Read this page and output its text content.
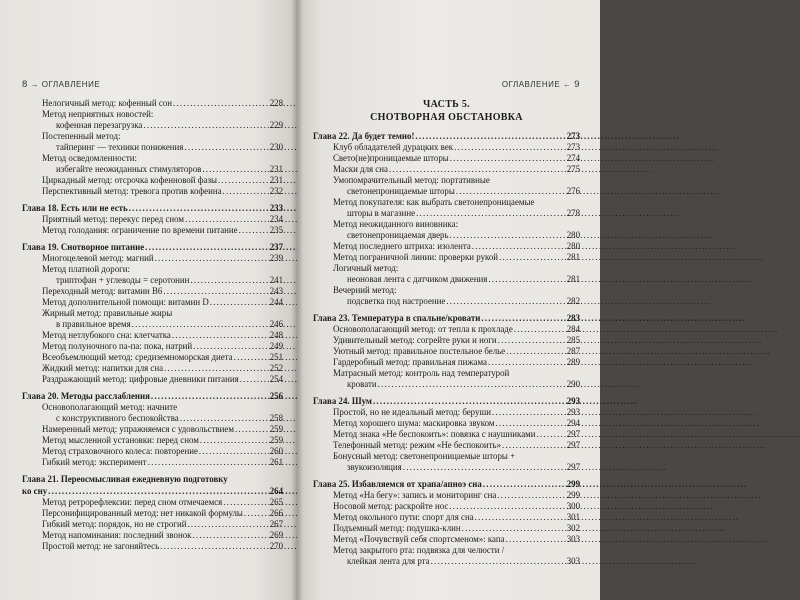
8 → ОГЛАВЛЕНИЕ
Нелогичный метод: кофенный сон . . .	228
Метод неприятных новостей:
кофенная перезагрузка . . .	229
Постепенный метод:
тайперинг — техники понижения . . .	230
Метод осведомленности:
избегайте неожиданных стимуляторов . . .	231
Циркадный метод: отсрочка кофенновой фазы . . .	231
Перспективный метод: тревога против кофеина . . .	232
Глава 18. Есть или не есть . . .	233
Приятный метод: перекус перед сном . . .	234
Метод голодания: ограничение по времени питание . . .	235
Глава 19. Снотворное питание . . .	237
Многоцелевой метод: магний . . .	239
Метод платной дороги:
триптофан + углеводы = серотонин . . .	241
Переходный метод: витамин B6 . . .	243
Метод дополнительной помощи: витамин D . . .	244
Жирный метод: правильные жиры
в правильное время . . .	246
Метод нетлубокого сна: клетчатка . . .	248
Метод полуночного па-па: пока, натрий . . .	249
Всеобъемлющий метод: средиземноморская диета . . .	251
Жидкий метод: напитки для сна . . .	252
Раздражающий метод: цифровые дневники питания . . .	254
Глава 20. Методы расслабления . . .	256
Основополагающий метод: начните
с конструктивного беспокойства . . .	258
Намеренный метод: упражняемся с удовольствием . . .	259
Метод мысленной установки: перед сном . . .	259
Метод страховочного колеса: повторение . . .	260
Гибкий метод: эксперимент . . .	261
Глава 21. Переосмысливая ежедневную подготовку
ко сну . . .	264
Метод ретрорефлексии: перед сном отмечаемся . . .	265
Персонифицированный метод: нет никакой формулы . . .	266
Гибкий метод: порядок, но не строгий . . .	267
Метод напоминания: последний звонок . . .	269
Простой метод: не загоняйтесь . . .	270
ОГЛАВЛЕНИЕ ← 9
ЧАСТЬ 5.
СНОТВОРНАЯ ОБСТАНОВКА
Глава 22. Да будет темно! . . .	273
Клуб обладателей дурацких век . . .	273
Свето(не)проницаемые шторы . . .	274
Маски для сна . . .	275
Умопомрачительный метод: портативные
светонепроницаемые шторы . . .	276
Метод покупателя: как выбрать светонепроницаемые
шторы в магазине . . .	278
Метод неожиданного виновника:
светонепроницаемая дверь . . .	280
Метод последнего штриха: изолента . . .	280
Метод пограничной линии: проверки рукой . . .	281
Логичный метод:
неоновая лента с датчиком движения . . .	281
Вечерний метод:
подсветка под настроение . . .	282
Глава 23. Температура в спальне/кровати . . .	283
Основополагающий метод: от тепла к прохладе . . .	284
Удивительный метод: согрейте руки и ноги . . .	285
Уютный метод: правильное постельное белье . . .	287
Гардеробный метод: правильная пижама . . .	289
Матрасный метод: контроль над температурой
кровати . . .	290
Глава 24. Шум . . .	293
Простой, но не идеальный метод: беруши . . .	293
Метод хорошего шума: маскировка звуком . . .	294
Метод знака «Не беспокоить»: повязка с наушниками . . .	297
Телефонный метод: режим «Не беспокоить» . . .	297
Бонусный метод: светонепроницаемые шторы +
звукоизоляция . . .	297
Глава 25. Избавляемся от храпа/апноэ сна . . .	299
Метод «На бегу»: запись и мониторинг сна . . .	299
Носовой метод: раскройте нос . . .	300
Метод окольного пути: спорт для сна . . .	301
Подъемный метод: подушка-клин . . .	302
Метод «Почувствуй себя спортсменом»: капа . . .	303
Метод закрытого рта: подвязка для челюсти /
клейкая лента для рта . . .	303
